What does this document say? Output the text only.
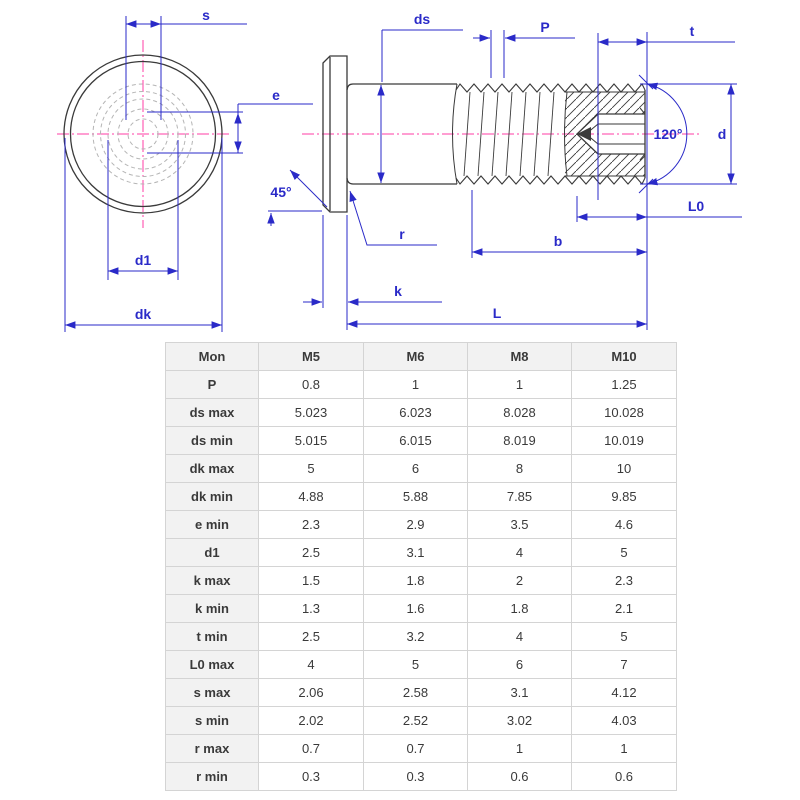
s
e
d1
dk
ds	P	t
d
120°
L0
b
k
L
r
45°
Mon	M5	M6	M8	M10
P	0.8	1	1	1.25
ds max	5.023	6.023	8.028	10.028
ds min	5.015	6.015	8.019	10.019
dk max	5	6	8	10
dk min	4.88	5.88	7.85	9.85
e min	2.3	2.9	3.5	4.6
d1	2.5	3.1	4	5
k max	1.5	1.8	2	2.3
k min	1.3	1.6	1.8	2.1
t min	2.5	3.2	4	5
L0 max	4	5	6	7
s max	2.06	2.58	3.1	4.12
s min	2.02	2.52	3.02	4.03
r max	0.7	0.7	1	1
r min	0.3	0.3	0.6	0.6
